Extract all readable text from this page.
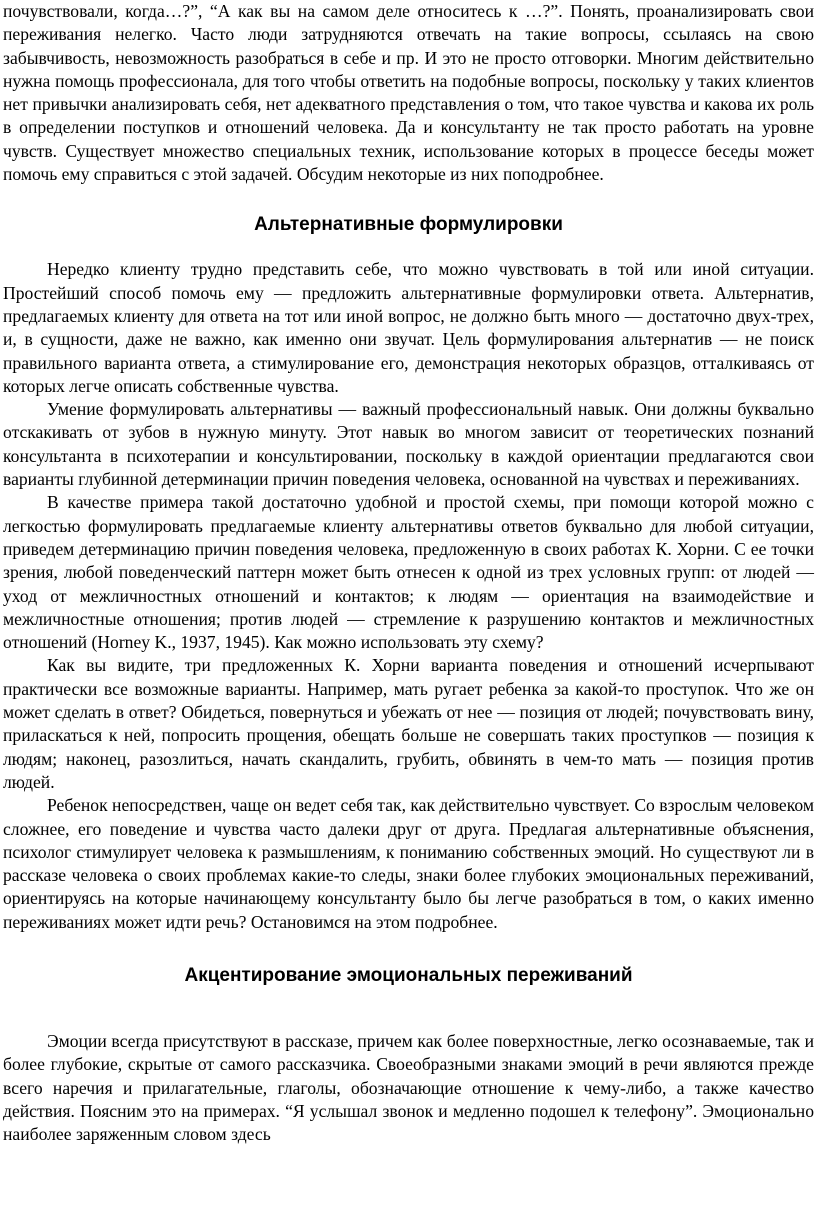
почувствовали, когда…?”, “А как вы на самом деле относитесь к …?”. Понять, проанализировать свои переживания нелегко. Часто люди затрудняются отвечать на такие вопросы, ссылаясь на свою забывчивость, невозможность разобраться в себе и пр. И это не просто отговорки. Многим действительно нужна помощь профессионала, для того чтобы ответить на подобные вопросы, поскольку у таких клиентов нет привычки анализировать себя, нет адекватного представления о том, что такое чувства и какова их роль в определении поступков и отношений человека. Да и консультанту не так просто работать на уровне чувств. Существует множество специальных техник, использование которых в процессе беседы может помочь ему справиться с этой задачей. Обсудим некоторые из них поподробнее.

Альтернативные формулировки

Нередко клиенту трудно представить себе, что можно чувствовать в той или иной ситуации. Простейший способ помочь ему — предложить альтернативные формулировки ответа. Альтернатив, предлагаемых клиенту для ответа на тот или иной вопрос, не должно быть много — достаточно двух-трех, и, в сущности, даже не важно, как именно они звучат. Цель формулирования альтернатив — не поиск правильного варианта ответа, а стимулирование его, демонстрация некоторых образцов, отталкиваясь от которых легче описать собственные чувства.

Умение формулировать альтернативы — важный профессиональный навык. Они должны буквально отскакивать от зубов в нужную минуту. Этот навык во многом зависит от теоретических познаний консультанта в психотерапии и консультировании, поскольку в каждой ориентации предлагаются свои варианты глубинной детерминации причин поведения человека, основанной на чувствах и переживаниях.

В качестве примера такой достаточно удобной и простой схемы, при помощи которой можно с легкостью формулировать предлагаемые клиенту альтернативы ответов буквально для любой ситуации, приведем детерминацию причин поведения человека, предложенную в своих работах К. Хорни. С ее точки зрения, любой поведенческий паттерн может быть отнесен к одной из трех условных групп: от людей — уход от межличностных отношений и контактов; к людям — ориентация на взаимодействие и межличностные отношения; против людей — стремление к разрушению контактов и межличностных отношений (Horney K., 1937, 1945). Как можно использовать эту схему?

Как вы видите, три предложенных К. Хорни варианта поведения и отношений исчерпывают практически все возможные варианты. Например, мать ругает ребенка за какой-то проступок. Что же он может сделать в ответ? Обидеться, повернуться и убежать от нее — позиция от людей; почувствовать вину, приласкаться к ней, попросить прощения, обещать больше не совершать таких проступков — позиция к людям; наконец, разозлиться, начать скандалить, грубить, обвинять в чем-то мать — позиция против людей.

Ребенок непосредствен, чаще он ведет себя так, как действительно чувствует. Со взрослым человеком сложнее, его поведение и чувства часто далеки друг от друга. Предлагая альтернативные объяснения, психолог стимулирует человека к размышлениям, к пониманию собственных эмоций. Но существуют ли в рассказе человека о своих проблемах какие-то следы, знаки более глубоких эмоциональных переживаний, ориентируясь на которые начинающему консультанту было бы легче разобраться в том, о каких именно переживаниях может идти речь? Остановимся на этом подробнее.

Акцентирование эмоциональных переживаний

Эмоции всегда присутствуют в рассказе, причем как более поверхностные, легко осознаваемые, так и более глубокие, скрытые от самого рассказчика. Своеобразными знаками эмоций в речи являются прежде всего наречия и прилагательные, глаголы, обозначающие отношение к чему-либо, а также качество действия. Поясним это на примерах. “Я услышал звонок и медленно подошел к телефону”. Эмоционально наиболее заряженным словом здесь
